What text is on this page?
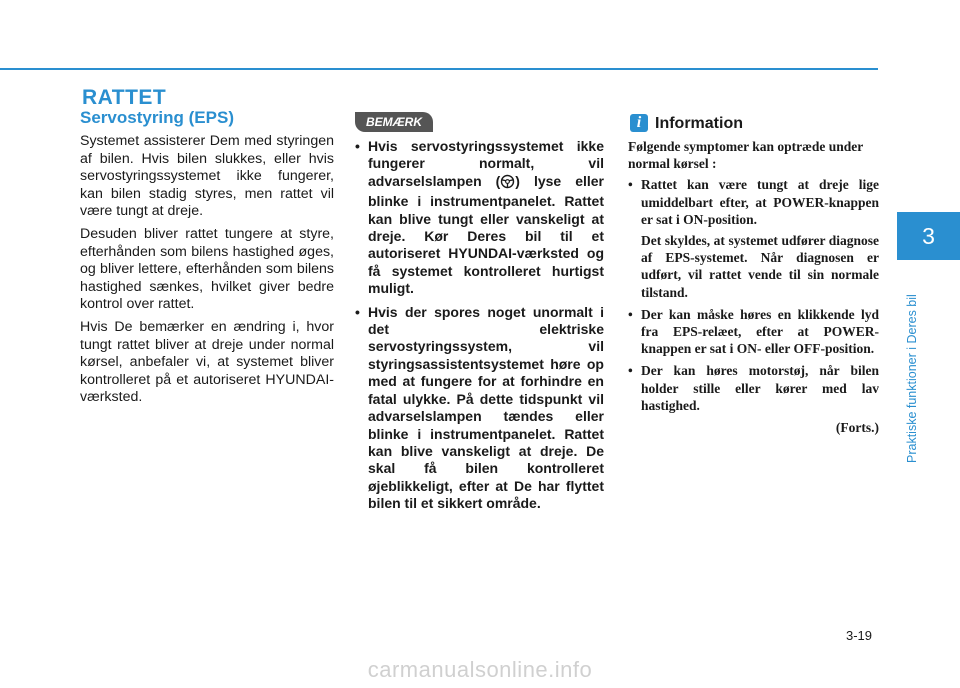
RATTET
Servostyring (EPS)

Systemet assisterer Dem med styringen af bilen. Hvis bilen slukkes, eller hvis servostyringssystemet ikke fungerer, kan bilen stadig styres, men rattet vil være tungt at dreje.

Desuden bliver rattet tungere at styre, efterhånden som bilens hastighed øges, og bliver lettere, efterhånden som bilens hastighed sænkes, hvilket giver bedre kontrol over rattet.

Hvis De bemærker en ændring i, hvor tungt rattet bliver at dreje under normal kørsel, anbefaler vi, at systemet bliver kontrolleret på et autoriseret HYUNDAI-værksted.

BEMÆRK
• Hvis servostyringssystemet ikke fungerer normalt, vil advarselslampen ( ) lyse eller blinke i instrumentpanelet. Rattet kan blive tungt eller vanskeligt at dreje. Kør Deres bil til et autoriseret HYUNDAI-værksted og få systemet kontrolleret hurtigst muligt.
• Hvis der spores noget unormalt i det elektriske servostyringssystem, vil styringsassistentsystemet høre op med at fungere for at forhindre en fatal ulykke. På dette tidspunkt vil advarselslampen tændes eller blinke i instrumentpanelet. Rattet kan blive vanskeligt at dreje. De skal få bilen kontrolleret øjeblikkeligt, efter at De har flyttet bilen til et sikkert område.
i Information

Følgende symptomer kan optræde under normal kørsel :

• Rattet kan være tungt at dreje lige umiddelbart efter, at POWER-knappen er sat i ON-position.

Det skyldes, at systemet udfører diagnose af EPS-systemet. Når diagnosen er udført, vil rattet vende til sin normale tilstand.

• Der kan måske høres en klikkende lyd fra EPS-relæet, efter at POWER-knappen er sat i ON- eller OFF-position.
• Der kan høres motorstøj, når bilen holder stille eller kører med lav hastighed.

(Forts.)

3
Praktiske funktioner i Deres bil
3-19
carmanualsonline.info
